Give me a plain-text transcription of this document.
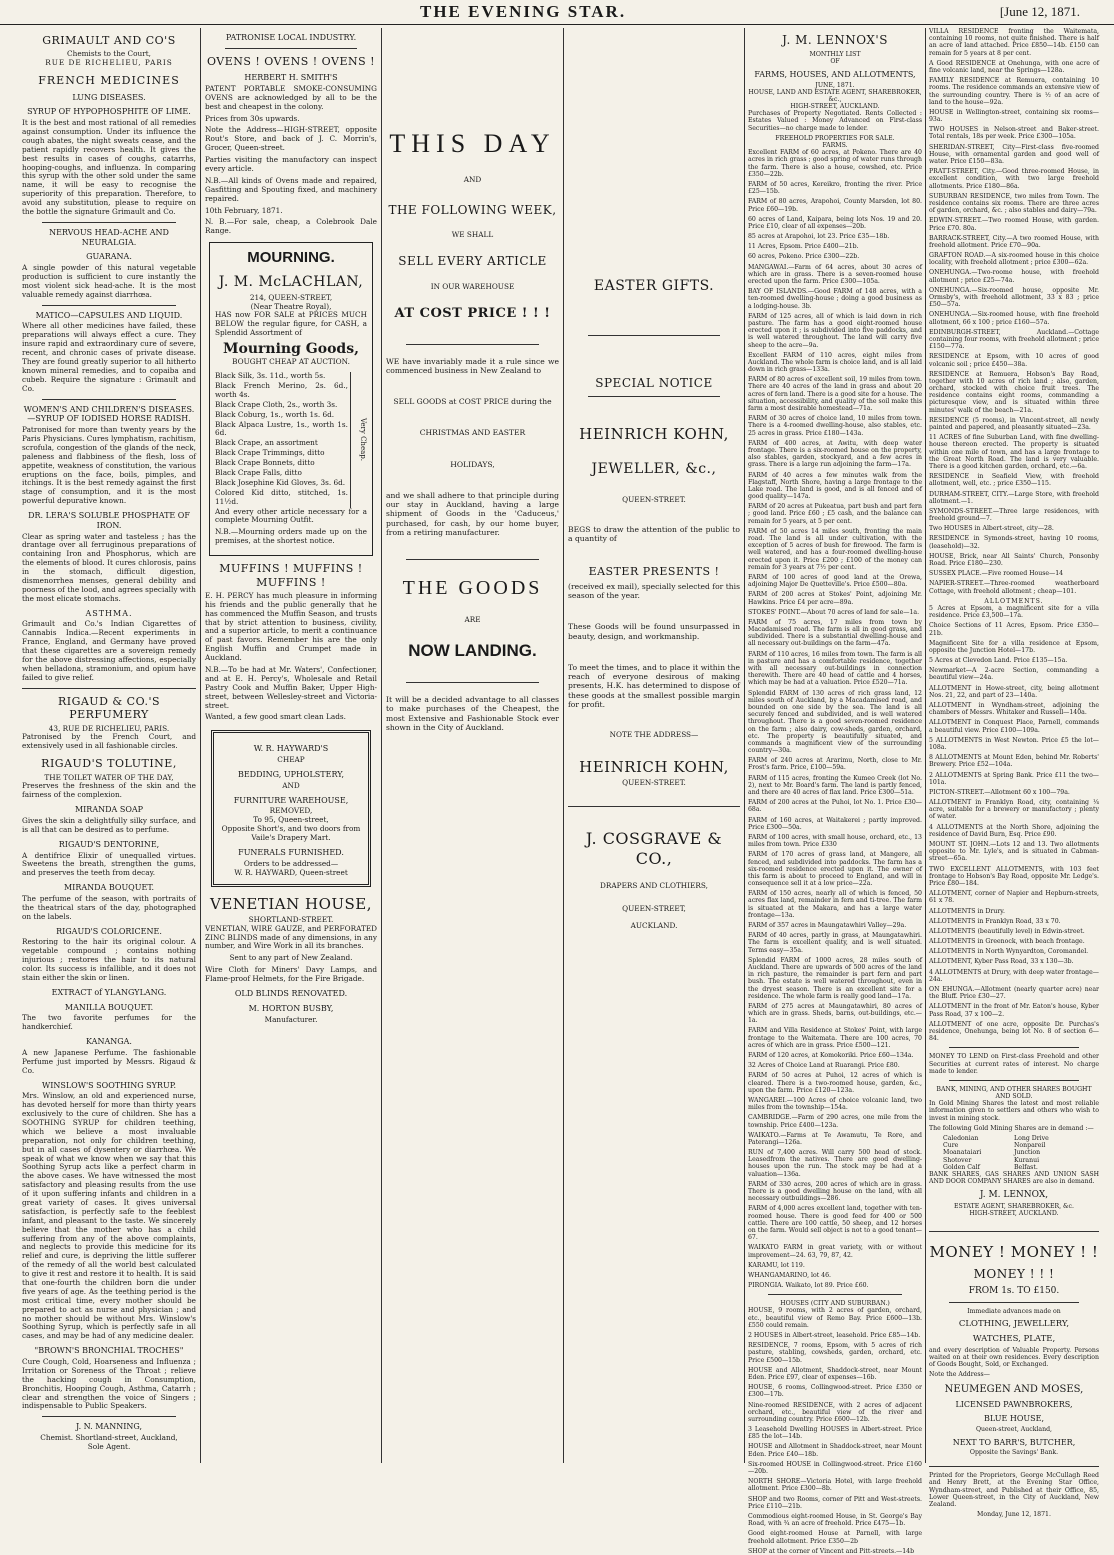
THE EVENING STAR.	[June 12, 1871.
GRIMAULT AND CO'S
Chemists to the Court,
RUE DE RICHELIEU, PARIS
FRENCH MEDICINES
LUNG DISEASES.
SYRUP OF HYPOPHOSPHITE OF LIME.

It is the best and most rational of all remedies against consumption. Under its influence the cough abates, the night sweats cease, and the patient rapidly recovers health. It gives the best results in cases of coughs, catarrhs, hooping-coughs, and influenza. In comparing this syrup with the other sold under the same name, it will be easy to recognise the superiority of this preparation. Therefore, to avoid any substitution, please to require on the bottle the signature Grimault and Co.

NERVOUS HEAD-ACHE AND NEURALGIA.
GUARANA.

A single powder of this natural vegetable production is sufficient to cure instantly the most violent sick head-ache. It is the most valuable remedy against diarrhœa.

MATICO—CAPSULES AND LIQUID.

Where all other medicines have failed, these preparations will always effect a cure. They insure rapid and extraordinary cure of severe, recent, and chronic cases of private disease. They are found greatly superior to all hitherto known mineral remedies, and to copaiba and cubeb. Require the signature : Grimault and Co.

WOMEN'S AND CHILDREN'S DISEASES. —SYRUP OF IODISED HORSE RADISH.

Patronised for more than twenty years by the Paris Physicians. Cures lymphatism, rachitism, scrofula, congestion of the glands of the neck, paleness and flabbiness of the flesh, loss of appetite, weakness of constitution, the various eruptions on the face, boils, pimples, and itchings. It is the best remedy against the first stage of consumption, and it is the most powerful depurative known.

DR. LERA'S SOLUBLE PHOSPHATE OF IRON.

Clear as spring water and tasteless ; has the drantage over all ferruginous preparations of containing Iron and Phosphorus, which are the elements of blood. It cures chlorosis, pains in the stomach, difficult digestion, dismenorrhea menses, general debility and poorness of the lood, and agrees specially with the most elicate stomachs.

ASTHMA.

Grimault and Co.'s Indian Cigarettes of Cannabis Indica.—Recent experiments in France, England, and Germany have proved that these cigarettes are a sovereign remedy for the above distressing affections, especially when belladona, stramonium, and opium have failed to give relief.

RIGAUD & CO.'S PERFUMERY
43, RUE DE RICHELIEU, PARIS.

Patronised by the French Court, and extensively used in all fashionable circles.

RIGAUD'S TOLUTINE,
THE TOILET WATER OF THE DAY,

Preserves the freshness of the skin and the fairness of the complexion.

MIRANDA SOAP

Gives the skin a delightfully silky surface, and is all that can be desired as to perfume.

RIGAUD'S DENTORINE,

A dentifrice Elixir of unequalled virtues. Sweetens the breath, strengthen the gums, and preserves the teeth from decay.

MIRANDA BOUQUET.

The perfume of the season, with portraits of the theatrical stars of the day, photographed on the labels.

RIGAUD'S COLORICENE.

Restoring to the hair its original colour. A vegetable compound ; contains nothing injurious ; restores the hair to its natural color. Its success is infallible, and it does not stain either the skin or linen.

EXTRACT of YLANGYLANG.
MANILLA BOUQUET.

The two favorite perfumes for the handkerchief.

KANANGA.

A new Japanese Perfume. The fashionable Perfume just imported by Messrs. Rigaud & Co.

WINSLOW'S SOOTHING SYRUP.

Mrs. Winslow, an old and experienced nurse, has devoted herself for more than thirty years exclusively to the cure of children. She has a SOOTHING SYRUP for children teething, which we believe a most invaluable preparation, not only for children teething, but in all cases of dysentery or diarrhœa. We speak of what we know when we say that this Soothing Syrup acts like a perfect charm in the above cases. We have witnessed the most satisfactory and pleasing results from the use of it upon suffering infants and children in a great variety of cases. It gives universal satisfaction, is perfectly safe to the feeblest infant, and pleasant to the taste. We sincerely believe that the mother who has a child suffering from any of the above complaints, and neglects to provide this medicine for its relief and cure, is depriving the little sufferer of the remedy of all the world best calculated to give it rest and restore it to health. It is said that one-fourth the children born die under five years of age. As the teething period is the most critical time, every mother should be prepared to act as nurse and physician ; and no mother should be without Mrs. Winslow's Soothing Syrup, which is perfectly safe in all cases, and may be had of any medicine dealer.

"BROWN'S BRONCHIAL TROCHES"

Cure Cough, Cold, Hoarseness and Influenza ; Irritation or Soreness of the Throat ; relieve the hacking cough in Consumption, Bronchitis, Hooping Cough, Asthma, Catarrh ; clear and strengthen the voice of Singers ; indispensable to Public Speakers.

J. N. MANNING,
Chemist. Shortland-street, Auckland,
Sole Agent.
PATRONISE LOCAL INDUSTRY.
OVENS ! OVENS ! OVENS !
HERBERT H. SMITH'S

PATENT PORTABLE SMOKE-CONSUMING OVENS are acknowledged by all to be the best and cheapest in the colony.

Prices from 30s upwards.

Note the Address—HIGH-STREET, opposite Rout's Store, and back of J. C. Morrin's, Grocer, Queen-street.

Parties visiting the manufactory can inspect every article.

N.B.—All kinds of Ovens made and repaired, Gasfitting and Spouting fixed, and machinery repaired.

10th February, 1871.

N. B.—For sale, cheap, a Colebrook Dale Range.

MOURNING.
J. M. McLACHLAN,
214, QUEEN-STREET,
(Near Theatre Royal),

HAS now FOR SALE at PRICES MUCH BELOW the regular figure, for CASH, a Splendid Assortment of

Mourning Goods,
BOUGHT CHEAP AT AUCTION.

Black Silk, 3s. 11d., worth 5s.

Black French Merino, 2s. 6d., worth 4s.

Black Crape Cloth, 2s., worth 3s.

Black Coburg, 1s., worth 1s. 6d.

Black Alpaca Lustre, 1s., worth 1s. 6d.

Black Crape, an assortment

Black Crape Trimmings, ditto

Black Crape Bonnets, ditto

Black Crape Falls, ditto

Black Josephine Kid Gloves, 3s. 6d.

Colored Kid ditto, stitched, 1s. 11½d.

Very Cheap.

And every other article necessary for a complete Mourning Outfit.

N.B.—Mourning orders made up on the premises, at the shortest notice.

MUFFINS ! MUFFINS ! MUFFINS !

E. H. PERCY has much pleasure in informing his friends and the public generally that he has commenced the Muffin Season, and trusts that by strict attention to business, civility, and a superior article, to merit a continuance of past favors. Remember his are the only English Muffin and Crumpet made in Auckland.

N.B.—To be had at Mr. Waters', Confectioner, and at E. H. Percy's, Wholesale and Retail Pastry Cook and Muffin Baker, Upper High-street, between Wellesley-street and Victoria-street.

Wanted, a few good smart clean Lads.

W. R. HAYWARD'S
CHEAP
BEDDING, UPHOLSTERY,
AND
FURNITURE WAREHOUSE,
REMOVED,
To 95, Queen-street,
Opposite Short's, and two doors from Vaile's Drapery Mart.
FUNERALS FURNISHED.
Orders to be addressed—
W. R. HAYWARD, Queen-street
VENETIAN HOUSE,
SHORTLAND-STREET.

VENETIAN, WIRE GAUZE, and PERFORATED ZINC BLINDS made of any dimensions, in any number, and Wire Work in all its branches.

Sent to any part of New Zealand.

Wire Cloth for Miners' Davy Lamps, and Flame-proof Helmets, for the Fire Brigade.

OLD BLINDS RENOVATED.
M. HORTON BUSBY,
Manufacturer.
THIS DAY
AND
THE FOLLOWING WEEK,
WE SHALL
SELL EVERY ARTICLE
IN OUR WAREHOUSE
AT COST PRICE ! ! !

WE have invariably made it a rule since we commenced business in New Zealand to

SELL GOODS at COST PRICE during the

CHRISTMAS AND EASTER

HOLIDAYS,

and we shall adhere to that principle during our stay in Auckland, having a large shipment of Goods in the 'Caduceus,' purchased, for cash, by our home buyer, from a retiring manufacturer.

THE GOODS
ARE
NOW LANDING.

It will be a decided advantage to all classes to make purchases of the Cheapest, the most Extensive and Fashionable Stock ever shown in the City of Auckland.

EASTER GIFTS.
SPECIAL NOTICE
HEINRICH KOHN,
JEWELLER, &c.,
QUEEN-STREET.

BEGS to draw the attention of the public to a quantity of

EASTER PRESENTS !

(received ex mail), specially selected for this season of the year.

These Goods will be found unsurpassed in beauty, design, and workmanship.

To meet the times, and to place it within the reach of everyone desirous of making presents, H.K. has determined to dispose of these goods at the smallest possible margin for profit.

NOTE THE ADDRESS—
HEINRICH KOHN,
QUEEN-STREET.
J. COSGRAVE & CO.,
DRAPERS AND CLOTHIERS,
QUEEN-STREET,
AUCKLAND.
J. M. LENNOX'S
MONTHLY LIST
OF
FARMS, HOUSES, AND ALLOTMENTS,
JUNE, 1871.
HOUSE, LAND AND ESTATE AGENT, SHAREBROKER, &c.,
HIGH-STREET, AUCKLAND.

Purchases of Property Negotiated. Rents Collected : Estates Valued : Money Advanced on First-class Securities—no charge made to lender.

FREEHOLD PROPERTIES FOR SALE.
FARMS.

Excellent FARM of 60 acres, at Pokeno. There are 40 acres in rich grass ; good spring of water runs through the farm. There is also a house, cowshed, etc. Price £350—22b.

FARM of 50 acres, Kereikro, fronting the river. Price £25—15b.

FARM of 80 acres, Arapohoi, County Marsden, lot 80. Price £60—19b.

60 acres of Land, Kaipara, being lots Nos. 19 and 20. Price £10, clear of all expenses—20b.

85 acres at Arapohoi, lot 23. Price £35—18b.

11 Acres, Epsom. Price £400—21b.

60 acres, Pokeno. Price £300—22b.

MANGAWAI.—Farm of 64 acres, about 30 acres of which are in grass. There is a seven-roomed house erected upon the farm. Price £300—105a.

BAY OF ISLANDS.—Good FARM of 148 acres, with a ten-roomed dwelling-house ; doing a good business as a lodging-house. 3b.

FARM of 125 acres, all of which is laid down in rich pasture. The farm has a good eight-roomed house erected upon it ; is subdivided into five paddocks, and is well watered throughout. The land will carry five sheep to the acre—9a.

Excellent FARM of 110 acres, eight miles from Auckland. The whole farm is choice land, and is all laid down in rich grass—133a.

FARM of 80 acres of excellent soil, 19 miles from town. There are 40 acres of the land in grass and about 20 acres of fern land. There is a good site for a house. The situation, accessibility, and quality of the soil make this farm a most desirable homestead—71a.

FARM of 30 acres of choice land, 10 miles from town. There is a 4-roomed dwelling-house, also stables, etc. 25 acres in grass. Price £180—143a.

FARM of 400 acres, at Awitu, with deep water frontage. There is a six-roomed house on the property, also stables, garden, stockyard, and a few acres in grass. There is a large run adjoining the farm—17a.

FARM of 40 acres a few minutes walk from the Flagstaff, North Shore, having a large frontage to the Lake road. The land is good, and is all fenced and of good quality—147a.

FARM of 20 acres at Pukeatua, part bush and part fern ; good land. Price £60 ; £5 cash, and the balance can remain for 5 years, at 5 per cent.

FARM of 50 acres 14 miles south, fronting the main road. The land is all under cultivation, with the exception of 5 acres of bush for firewood. The farm is well watered, and has a four-roomed dwelling-house erected upon it. Price £200 ; £100 of the money can remain for 3 years at 7½ per cent.

FARM of 100 acres of good land at the Orewa, adjoining Major De Quetteville's. Price £500—80a.

FARM of 200 acres at Stokes' Point, adjoining Mr. Hawkins. Price £4 per acre—89a.

STOKES' POINT.—About 70 acres of land for sale—1a.

FARM of 75 acres, 17 miles from town by Macadamised road. The farm is all in good grass, and subdivided. There is a substantial dwelling-house and all necessary out-buildings on the farm—47a.

FARM of 110 acres, 16 miles from town. The farm is all in pasture and has a comfortable residence, together with all necessary out-buildings in connection therewith. There are 40 head of cattle and 4 horses, which may be had at a valuation. Price £520—71a.

Splendid FARM of 130 acres of rich grass land, 12 miles south of Auckland, by a Macadamised road, and bounded on one side by the sea. The land is all securely fenced and subdivided, and is well watered throughout. There is a good seven-roomed residence on the farm ; also dairy, cow-sheds, garden, orchard, etc. The property is beautifully situated, and commands a magnificent view of the surrounding country—30a.

FARM of 240 acres at Ararimu, North, close to Mr. Frost's farm. Price, £100—59a.

FARM of 115 acres, fronting the Kumeo Creek (lot No. 2), next to Mr. Board's farm. The land is partly fenced, and there are 40 acres of flax land. Price £300—51a.

FARM of 200 acres at the Puhoi, lot No. 1. Price £30—68a.

FARM of 160 acres, at Waitakerei ; partly improved. Price £300—50a.

FARM of 100 acres, with small house, orchard, etc., 13 miles from town. Price £330

FARM of 170 acres of grass land, at Mangere, all fenced, and subdivided into paddocks. The farm has a six-roomed residence erected upon it. The owner of this farm is about to proceed to England, and will in consequence sell it at a low price—22a.

FARM of 150 acres, nearly all of which is fenced, 50 acres flax land, remainder in fern and ti-tree. The farm is situated at the Makara, and has a large water frontage—13a.

FARM of 357 acres in Maungatawhiri Valley—29a.

FARM of 40 acres, partly in grass, at Maungatawhiri. The farm is excellent quality, and is well situated. Terms easy—35a.

Splendid FARM of 1000 acres, 28 miles south of Auckland. There are upwards of 500 acres of the land in rich pasture, the remainder is part fern and part bush. The estate is well watered throughout, even in the dryest season. There is an excellent site for a residence. The whole farm is really good land—17a.

FARM of 275 acres at Maungatawhiri, 80 acres of which are in grass. Sheds, barns, out-buildings, etc.—1a.

FARM and Villa Residence at Stokes' Point, with large frontage to the Waitemata. There are 100 acres, 70 acres of which are in grass. Price £500—121.

FARM of 120 acres, at Komokoriki. Price £60—134a.

32 Acres of Choice Land at Ruarangi. Price £80.

FARM of 50 acres at Puhoi, 12 acres of which is cleared. There is a two-roomed house, garden, &c., upon the farm. Price £120—123a.

WANGAREI.—100 Acres of choice volcanic land, two miles from the township—154a.

CAMBRIDGE.—Farm of 290 acres, one mile from the township. Price £400—123a.

WAIKATO.—Farms at Te Awamutu, Te Rore, and Paterangi—126a.

RUN of 7,400 acres. Will carry 500 head of stock. Leasedfrom the natives. There are good dwelling-houses upon the run. The stock may be had at a valuation—136a.

FARM of 330 acres, 200 acres of which are in grass. There is a good dwelling house on the land, with all necessary outbuildings—286.

FARM of 4,000 acres excellent land, together with ten-roomed house. There is good feed for 400 or 500 cattle. There are 100 cattle, 50 sheep, and 12 horses on the farm. Would sell object is not to a good tenant—67.

WAIKATO FARM in great variety, with or without improvement—24. 63, 79, 87, 42.

KARAMU, lot 119.

WHANGAMARINO, lot 46.

PIRONGIA. Waikato, lot 89. Price £60.

HOUSES (CITY AND SUBURBAN.)

HOUSE, 9 rooms, with 2 acres of garden, orchard, etc., beautiful view of Remo Bay. Price £600—13b. £550 could remain.

2 HOUSES in Albert-street, leasehold. Price £85—14b.

RESIDENCE, 7 rooms, Epsom, with 5 acres of rich pasture, stabling, cowsheds, garden, orchard, etc. Price £500—15b.

HOUSE and Allotment, Shaddock-street, near Mount Eden. Price £97, clear of expenses—16b.

HOUSE, 6 rooms, Collingwood-street. Price £350 or £300—17b.

Nine-roomed RESIDENCE, with 2 acres of adjacent orchard, etc., beautiful view of the river and surrounding country. Price £600—12b.

3 Leasehold Dwelling HOUSES in Albert-street. Price £85 the lot—14b.

HOUSE and Allotment in Shaddock-street, near Mount Eden. Price £40—18b.

Six-roomed HOUSE in Collingwood-street. Price £160—20b.

NORTH SHORE—Victoria Hotel, with large freehold allotment. Price £300—8b.

SHOP and two Rooms, corner of Pitt and West-streets. Price £110—21b.

Commodious eight-roomed House, in St. George's Bay Road, with ¾ an acre of freehold. Price £475—1b.

Good eight-roomed House at Parnell, with large freehold allotment. Price £350—2b

SHOP at the corner of Vincent and Pitt-streets.—14b

VILLA RESIDENCE fronting the Waitemata, containing 10 rooms, not quite finished. There is half an acre of land attached. Price £850—14b. £150 can remain for 5 years at 8 per cent.

A Good RESIDENCE at Onehunga, with one acre of fine volcanic land, near the Springs—128a.

FAMILY RESIDENCE at Remuera, containing 10 rooms. The residence commands an extensive view of the surrounding country. There is ½ of an acre of land to the house—92a.

HOUSE in Wellington-street, containing six rooms—93a.

TWO HOUSES in Nelson-street and Baker-street. Total rentals, 18s per week. Price £300—105a.

SHERIDAN-STREET, City—First-class five-roomed House, with ornamental garden and good well of water. Price £150—83a.

PRATT-STREET, City.—Good three-roomed House, in excellent condition, with two large freehold allotments. Price £180—86a.

SUBURBAN RESIDENCE, two miles from Town. The residence contains six rooms. There are three acres of garden, orchard, &c. ; also stables and dairy—79a.

EDWIN-STREET.—Two roomed House, with garden. Price £70. 80a.

BARRACK-STREET, City.—A two roomed House, with freehold allotment. Price £70—90a.

GRAFTON ROAD.—A six-roomed house in this choice locality, with freehold allotment ; price £300—62a.

ONEHUNGA.—Two-roome house, with freehold allotment ; price £25—74a.

ONEHUNGA.—Six-roomed house, opposite Mr. Ormsby's, with freehold allotment, 33 x 83 ; price £50—57a.

ONEHUNGA.—Six-roomed house, with fine freehold allotment, 66 x 100 ; price £160—57a.

EDINBURGH-STREET, Auckland.—Cottage containing four rooms, with freehold allotment ; price £150—77a.

RESIDENCE at Epsom, with 10 acres of good volcanic soil ; price £450—38a.

RESIDENCE at Remuera, Hobson's Bay Road, together with 10 acres of rich land ; also, garden, orchard, stocked with choice fruit trees. The residence contains eight rooms, commanding a picturesque view, and is situated within three minutes' walk of the beach—21a.

RESIDENCE (5 rooms), in Vincent-street, all newly painted and papered, and pleasantly situated—23a.

11 ACRES of fine Suburban Land, with fine dwelling-house thereon erected. The property is situated within one mile of town, and has a large frontage to the Great North Road. The land is very valuable. There is a good kitchen garden, orchard, etc.—6a.

RESIDENCE in Seafield View, with freehold allotment, well, etc. ; price £350—115.

DURHAM-STREET, CITY.—Large Store, with freehold allotment.—1.

SYMONDS-STREET.—Three large residences, with freehold ground—7.

Two HOUSES in Albert-street, city—28.

RESIDENCE in Symonds-street, having 10 rooms, (leasehold)—32.

HOUSE, Brick, near All Saints' Church, Ponsonby Road. Price £180—230.

SUSSEX PLACE.—Five roomed House—14

NAPIER-STREET.—Three-roomed weatherboard Cottage, with freehold allotment ; cheap—101.

ALLOTMENTS.

5 Acres at Epsom, a magnificent site for a villa residence. Price £3,500—17a.

Choice Sections of 11 Acres, Epsom. Price £350—21b.

Magnificent Site for a villa residence at Epsom, opposite the Junction Hotel—17b.

5 Acres at Clevedon Land. Price £135—15a.

Newmarket—A 2-acre Section, commanding a beautiful view—24a.

ALLOTMENT in Howe-street, city, being allotment Nos. 21, 22, and part of 23—140a.

ALLOTMENT in Wyndham-street, adjoining the chambers of Messrs. Whitaker and Russell—140a.

ALLOTMENT in Conquest Place, Parnell, commands a beautiful view. Price £100—109a.

5 ALLOTMENTS in West Newton. Price £5 the lot—108a.

8 ALLOTMENTS at Mount Eden, behind Mr. Roberts' Brewery. Price £52—104a.

2 ALLOTMENTS at Spring Bank. Price £11 the two—101a.

PICTON-STREET.—Allotment 60 x 100—79a.

ALLOTMENT in Franklyn Road, city, containing ¼ acre, suitable for a brewery or manufactory ; plenty of water.

4 ALLOTMENTS at the North Shore, adjoining the residence of David Burn, Esq. Price £90.

MOUNT ST. JOHN.—Lots 12 and 13. Two allotments opposite to Mr. Lyle's, and is situated in Cabman-street—65a.

TWO EXCELLENT ALLOTMENTS, with 103 feet frontage to Hobson's Bay Road, opposite Mr. Ledge's. Price £80—184.

ALLOTMENT, corner of Napier and Hepburn-streets, 61 x 78.

ALLOTMENTS in Drury.

ALLOTMENTS in Franklyn Road, 33 x 70.

ALLOTMENTS (beautifully level) in Edwin-street.

ALLOTMENTS in Greenock, with beach frontage.

ALLOTMENTS in North Wynyardton, Coromandel.

ALLOTMENT, Kyber Pass Road, 33 x 130—3b.

4 ALLOTMENTS at Drury, with deep water frontage—24a.

ON EHUNGA.—Allotment (nearly quarter acre) near the Bluff. Price £30—27.

ALLOTMENT in the front of Mr. Eaton's house, Kyber Pass Road, 37 x 100—2.

ALLOTMENT of one acre, opposite Dr. Purchas's residence, Onehunga, being lot No. 8 of section 6—84.

MONEY TO LEND on First-class Freehold and other Securities at current rates of interest. No charge made to lender.

BANK, MINING, AND OTHER SHARES BOUGHT AND SOLD.

In Gold Mining Shares the latest and most reliable information given to settlers and others who wish to invest in mining stock.

The following Gold Mining Shares are in demand :—

Caledonian
Cure
Moanataiari
Shotover
Golden Calf
Long Drive
Nonpareil
Junction
Kuranui
Belfast.

BANK SHARES, GAS SHARES AND UNION SASH AND DOOR COMPANY SHARES are also in demand.

J. M. LENNOX,
ESTATE AGENT, SHAREBROKER, &c.
HIGH-STREET, AUCKLAND.
MONEY ! MONEY ! !
MONEY ! ! !
FROM 1s. TO £150.
Immediate advances made on
CLOTHING, JEWELLERY,
WATCHES, PLATE,

and every description of Valuable Property. Persons waited on at their own residences. Every description of Goods Bought, Sold, or Exchanged.

Note the Address—
NEUMEGEN AND MOSES,
LICENSED PAWNBROKERS,
BLUE HOUSE,
Queen-street, Auckland,
NEXT TO BARR'S, BUTCHER,
Opposite the Savings' Bank.

Printed for the Proprietors, George McCullagh Reed and Henry Brett, at the Evening Star Office, Wyndham-street, and Published at their Office, 85, Lower Queen-street, in the City of Auckland, New Zealand.

Monday, June 12, 1871.
